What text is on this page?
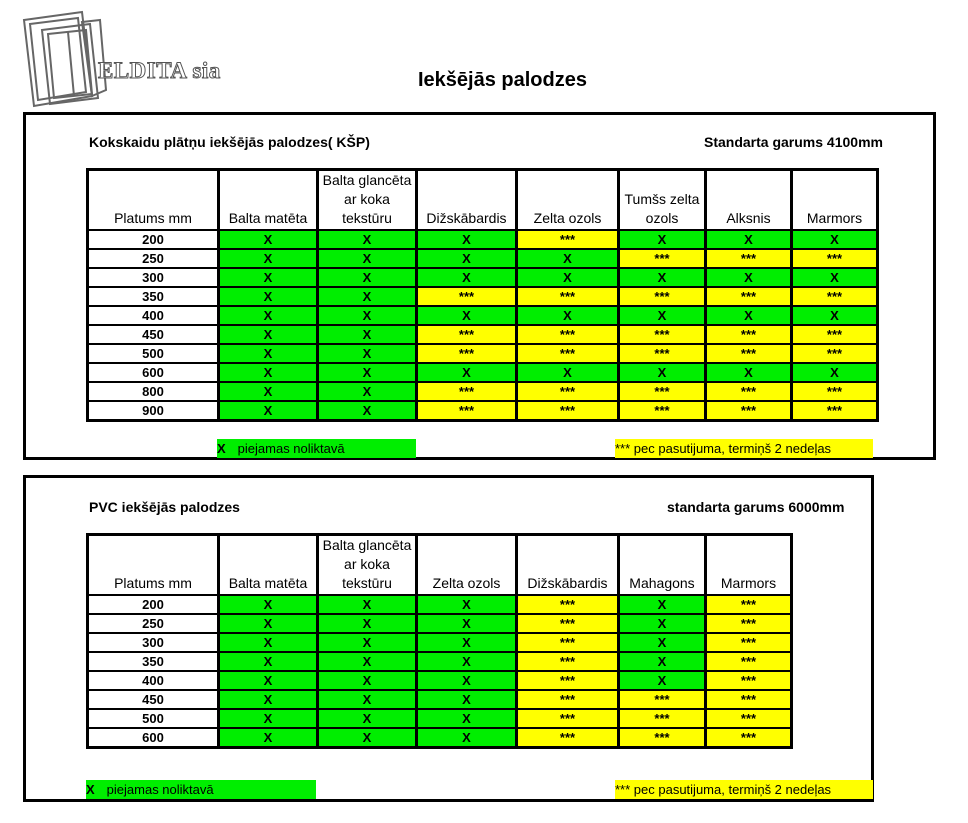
ELDITA sia	Iekšējās palodzes
Kokskaidu plātņu iekšējās palodzes( KŠP)	Standarta garums 4100mm
Platums mm	Balta matēta	Balta glancēta ar koka tekstūru	Dižskābardis	Zelta ozols	Tumšs zelta ozols	Alksnis	Marmors
200	X	X	X	***	X	X	X
250	X	X	X	X	***	***	***
300	X	X	X	X	X	X	X
350	X	X	***	***	***	***	***
400	X	X	X	X	X	X	X
450	X	X	***	***	***	***	***
500	X	X	***	***	***	***	***
600	X	X	X	X	X	X	X
800	X	X	***	***	***	***	***
900	X	X	***	***	***	***	***
X piejamas noliktavā	*** pec pasutijuma, termiņš 2 nedeļas
PVC iekšējās palodzes	standarta garums 6000mm
Platums mm	Balta matēta	Balta glancēta ar koka tekstūru	Zelta ozols	Dižskābardis	Mahagons	Marmors
200	X	X	X	***	X	***
250	X	X	X	***	X	***
300	X	X	X	***	X	***
350	X	X	X	***	X	***
400	X	X	X	***	X	***
450	X	X	X	***	***	***
500	X	X	X	***	***	***
600	X	X	X	***	***	***
X piejamas noliktavā	*** pec pasutijuma, termiņš 2 nedeļas
